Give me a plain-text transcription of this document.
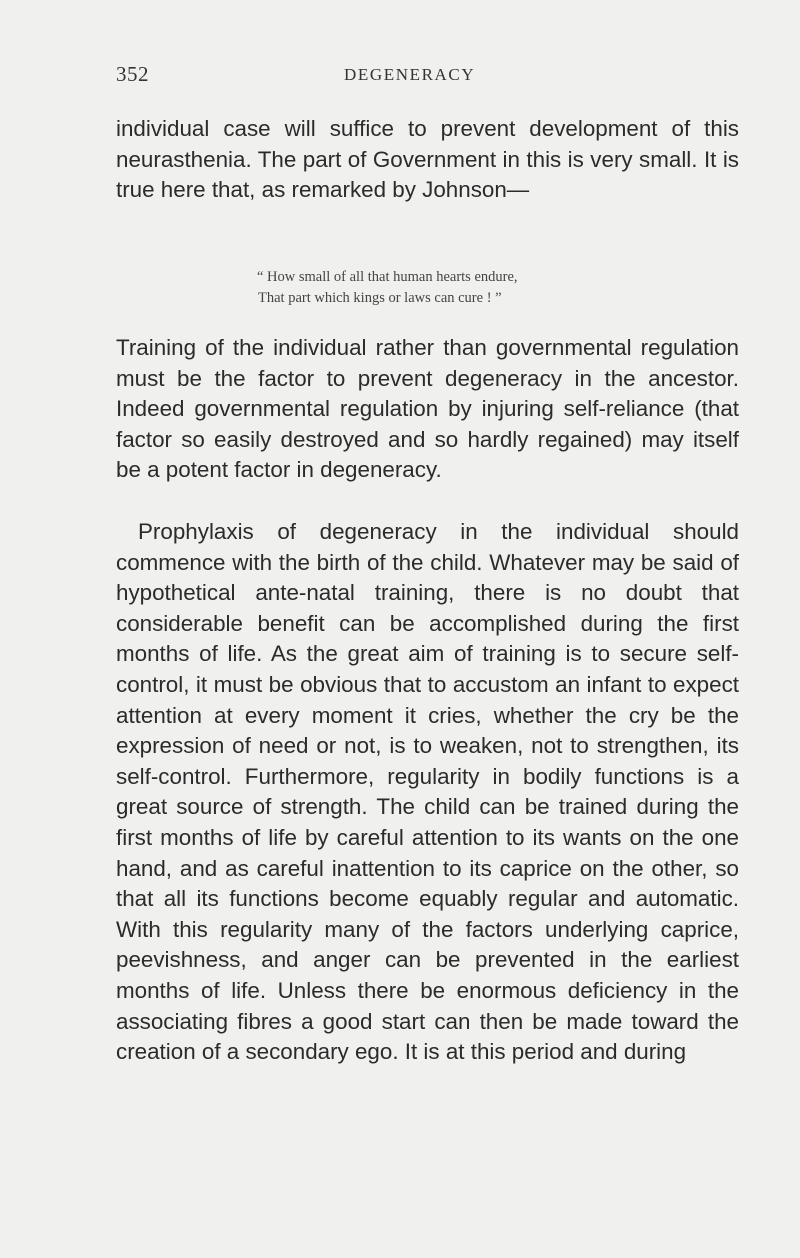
352	DEGENERACY

individual case will suffice to prevent development of this neurasthenia. The part of Government in this is very small. It is true here that, as remarked by Johnson—

“ How small of all that human hearts endure,
That part which kings or laws can cure ! ”

Training of the individual rather than governmental regulation must be the factor to prevent degeneracy in the ancestor. Indeed governmental regulation by injuring self-reliance (that factor so easily destroyed and so hardly regained) may itself be a potent factor in degeneracy.

Prophylaxis of degeneracy in the individual should commence with the birth of the child. Whatever may be said of hypothetical ante-natal training, there is no doubt that considerable benefit can be accomplished during the first months of life. As the great aim of training is to secure self-control, it must be obvious that to accustom an infant to expect attention at every moment it cries, whether the cry be the expression of need or not, is to weaken, not to strengthen, its self-control. Furthermore, regularity in bodily functions is a great source of strength. The child can be trained during the first months of life by careful attention to its wants on the one hand, and as careful inattention to its caprice on the other, so that all its functions become equably regular and automatic. With this regularity many of the factors underlying caprice, peevishness, and anger can be prevented in the earliest months of life. Unless there be enormous deficiency in the associating fibres a good start can then be made toward the creation of a secondary ego. It is at this period and during
